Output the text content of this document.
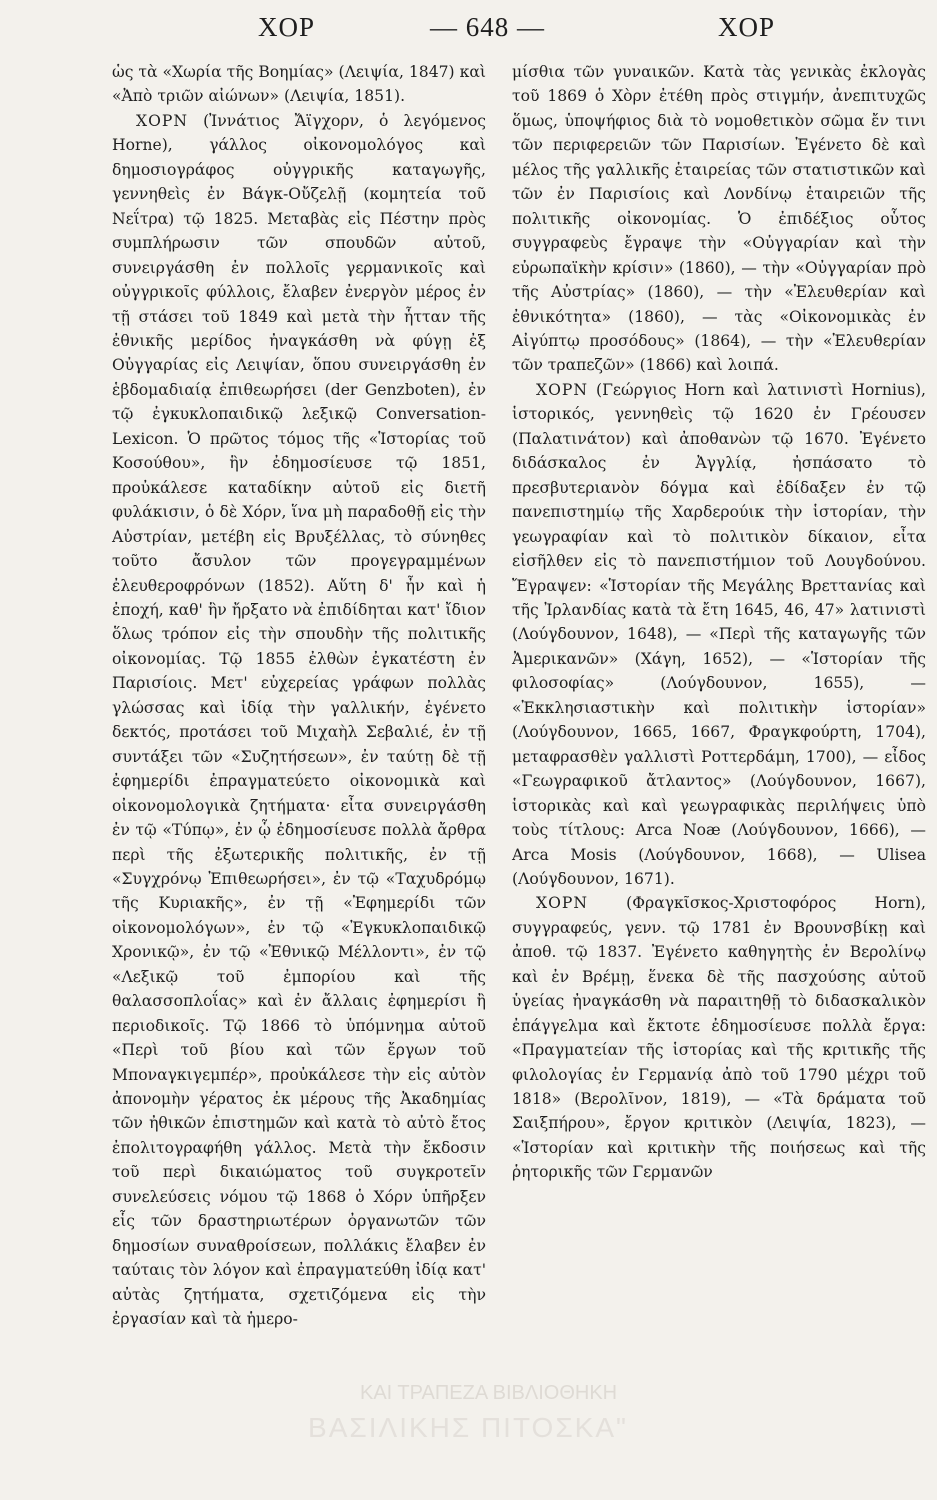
ΧΟΡ	— 648 —	ΧΟΡ

ὡς τὰ «Χωρία τῆς Βοημίας» (Λειψία, 1847) καὶ «Ἀπὸ τριῶν αἰώνων» (Λειψία, 1851).

ΧΟΡΝ (Ἰννάτιος Ἄϊγχορν, ὁ λεγόμενος Horne), γάλλος οἰκονομολόγος καὶ δημοσιογράφος οὐγγρικῆς καταγωγῆς, γεννηθεὶς ἐν Βάγκ-Οὔζελῇ (κομητεία τοῦ Νεΐτρα) τῷ 1825. Μεταβὰς εἰς Πέστην πρὸς συμπλήρωσιν τῶν σπουδῶν αὐτοῦ, συνειργάσθη ἐν πολλοῖς γερμανικοῖς καὶ οὐγγρικοῖς φύλλοις, ἔλαβεν ἐνεργὸν μέρος ἐν τῇ στάσει τοῦ 1849 καὶ μετὰ τὴν ἧτταν τῆς ἐθνικῆς μερίδος ἠναγκάσθη νὰ φύγῃ ἐξ Οὐγγαρίας εἰς Λειψίαν, ὅπου συνειργάσθη ἐν ἑβδομαδιαίᾳ ἐπιθεωρήσει (der Genzboten), ἐν τῷ ἐγκυκλοπαιδικῷ λεξικῷ Conversation-Lexicon. Ὁ πρῶτος τόμος τῆς «Ἱστορίας τοῦ Κοσούθου», ἣν ἐδημοσίευσε τῷ 1851, προὐκάλεσε καταδίκην αὐτοῦ εἰς διετῆ φυλάκισιν, ὁ δὲ Χόρν, ἵνα μὴ παραδοθῇ εἰς τὴν Αὐστρίαν, μετέβη εἰς Βρυξέλλας, τὸ σύνηθες τοῦτο ἄσυλον τῶν προγεγραμμένων ἐλευθεροφρόνων (1852). Αὕτη δ' ἦν καὶ ἡ ἐποχή, καθ' ἣν ἤρξατο νὰ ἐπιδίδηται κατ' ἴδιον ὅλως τρόπον εἰς τὴν σπουδὴν τῆς πολιτικῆς οἰκονομίας. Τῷ 1855 ἐλθὼν ἐγκατέστη ἐν Παρισίοις. Μετ' εὐχερείας γράφων πολλὰς γλώσσας καὶ ἰδίᾳ τὴν γαλλικήν, ἐγένετο δεκτός, προτάσει τοῦ Μιχαὴλ Σεβαλιέ, ἐν τῇ συντάξει τῶν «Συζητήσεων», ἐν ταύτῃ δὲ τῇ ἐφημερίδι ἐπραγματεύετο οἰκονομικὰ καὶ οἰκονομολογικὰ ζητήματα· εἶτα συνειργάσθη ἐν τῷ «Τύπῳ», ἐν ᾧ ἐδημοσίευσε πολλὰ ἄρθρα περὶ τῆς ἐξωτερικῆς πολιτικῆς, ἐν τῇ «Συγχρόνῳ Ἐπιθεωρήσει», ἐν τῷ «Ταχυδρόμῳ τῆς Κυριακῆς», ἐν τῇ «Ἐφημερίδι τῶν οἰκονομολόγων», ἐν τῷ «Ἐγκυκλοπαιδικῷ Χρονικῷ», ἐν τῷ «Ἐθνικῷ Μέλλοντι», ἐν τῷ «Λεξικῷ τοῦ ἐμπορίου καὶ τῆς θαλασσοπλοΐας» καὶ ἐν ἄλλαις ἐφημερίσι ἢ περιοδικοῖς. Τῷ 1866 τὸ ὑπόμνημα αὐτοῦ «Περὶ τοῦ βίου καὶ τῶν ἔργων τοῦ Μποναγκιγεμπέρ», προὐκάλεσε τὴν εἰς αὐτὸν ἀπονομὴν γέρατος ἐκ μέρους τῆς Ἀκαδημίας τῶν ἠθικῶν ἐπιστημῶν καὶ κατὰ τὸ αὐτὸ ἔτος ἐπολιτογραφήθη γάλλος. Μετὰ τὴν ἔκδοσιν τοῦ περὶ δικαιώματος τοῦ συγκροτεῖν συνελεύσεις νόμου τῷ 1868 ὁ Χόρν ὑπῆρξεν εἷς τῶν δραστηριωτέρων ὀργανωτῶν τῶν δημοσίων συναθροίσεων, πολλάκις ἔλαβεν ἐν ταύταις τὸν λόγον καὶ ἐπραγματεύθη ἰδίᾳ κατ' αὐτὰς ζητήματα, σχετιζόμενα εἰς τὴν ἐργασίαν καὶ τὰ ἡμερο-

μίσθια τῶν γυναικῶν. Κατὰ τὰς γενικὰς ἐκλογὰς τοῦ 1869 ὁ Χὸρν ἐτέθη πρὸς στιγμήν, ἀνεπιτυχῶς ὅμως, ὑποψήφιος διὰ τὸ νομοθετικὸν σῶμα ἔν τινι τῶν περιφερειῶν τῶν Παρισίων. Ἐγένετο δὲ καὶ μέλος τῆς γαλλικῆς ἑταιρείας τῶν στατιστικῶν καὶ τῶν ἐν Παρισίοις καὶ Λονδίνῳ ἑταιρειῶν τῆς πολιτικῆς οἰκονομίας. Ὁ ἐπιδέξιος οὗτος συγγραφεὺς ἔγραψε τὴν «Οὐγγαρίαν καὶ τὴν εὐρωπαϊκὴν κρίσιν» (1860), — τὴν «Οὐγγαρίαν πρὸ τῆς Αὐστρίας» (1860), — τὴν «Ἐλευθερίαν καὶ ἐθνικότητα» (1860), — τὰς «Οἰκονομικὰς ἐν Αἰγύπτῳ προσόδους» (1864), — τὴν «Ἐλευθερίαν τῶν τραπεζῶν» (1866) καὶ λοιπά.

ΧΟΡΝ (Γεώργιος Horn καὶ λατινιστὶ Hornius), ἱστορικός, γεννηθεὶς τῷ 1620 ἐν Γρέουσεν (Παλατινάτον) καὶ ἀποθανὼν τῷ 1670. Ἐγένετο διδάσκαλος ἐν Ἀγγλίᾳ, ἠσπάσατο τὸ πρεσβυτεριανὸν δόγμα καὶ ἐδίδαξεν ἐν τῷ πανεπιστημίῳ τῆς Χαρδερούικ τὴν ἱστορίαν, τὴν γεωγραφίαν καὶ τὸ πολιτικὸν δίκαιον, εἶτα εἰσῆλθεν εἰς τὸ πανεπιστήμιον τοῦ Λουγδούνου. Ἔγραψεν: «Ἱστορίαν τῆς Μεγάλης Βρεττανίας καὶ τῆς Ἰρλανδίας κατὰ τὰ ἔτη 1645, 46, 47» λατινιστὶ (Λούγδουνον, 1648), — «Περὶ τῆς καταγωγῆς τῶν Ἀμερικανῶν» (Χάγη, 1652), — «Ἱστορίαν τῆς φιλοσοφίας» (Λούγδουνον, 1655), — «Ἐκκλησιαστικὴν καὶ πολιτικὴν ἱστορίαν» (Λούγδουνον, 1665, 1667, Φραγκφούρτη, 1704), μεταφρασθὲν γαλλιστὶ Ροττερδάμη, 1700), — εἶδος «Γεωγραφικοῦ ἄτλαντος» (Λούγδουνον, 1667), ἱστορικὰς καὶ καὶ γεωγραφικὰς περιλήψεις ὑπὸ τοὺς τίτλους: Arca Noæ (Λούγδουνον, 1666), — Arca Mosis (Λούγδουνον, 1668), — Ulisea (Λούγδουνον, 1671).

ΧΟΡΝ (Φραγκῖσκος-Χριστοφόρος Horn), συγγραφεύς, γενν. τῷ 1781 ἐν Βρουνσβίκῃ καὶ ἀποθ. τῷ 1837. Ἐγένετο καθηγητὴς ἐν Βερολίνῳ καὶ ἐν Βρέμῃ, ἕνεκα δὲ τῆς πασχούσης αὐτοῦ ὑγείας ἠναγκάσθη νὰ παραιτηθῇ τὸ διδασκαλικὸν ἐπάγγελμα καὶ ἔκτοτε ἐδημοσίευσε πολλὰ ἔργα: «Πραγματείαν τῆς ἱστορίας καὶ τῆς κριτικῆς τῆς φιλολογίας ἐν Γερμανίᾳ ἀπὸ τοῦ 1790 μέχρι τοῦ 1818» (Βερολῖνον, 1819), — «Τὰ δράματα τοῦ Σαιξπήρου», ἔργον κριτικὸν (Λειψία, 1823), — «Ἱστορίαν καὶ κριτικὴν τῆς ποιήσεως καὶ τῆς ῥητορικῆς τῶν Γερμανῶν

ΚΑΙ ΤΡΑΠΕΖΑ ΒΙΒΛΙΟΘΗΚΗ
ΒΑΣΙΛΙΚΗΣ ΠΙΤΟΣΚΑ"
